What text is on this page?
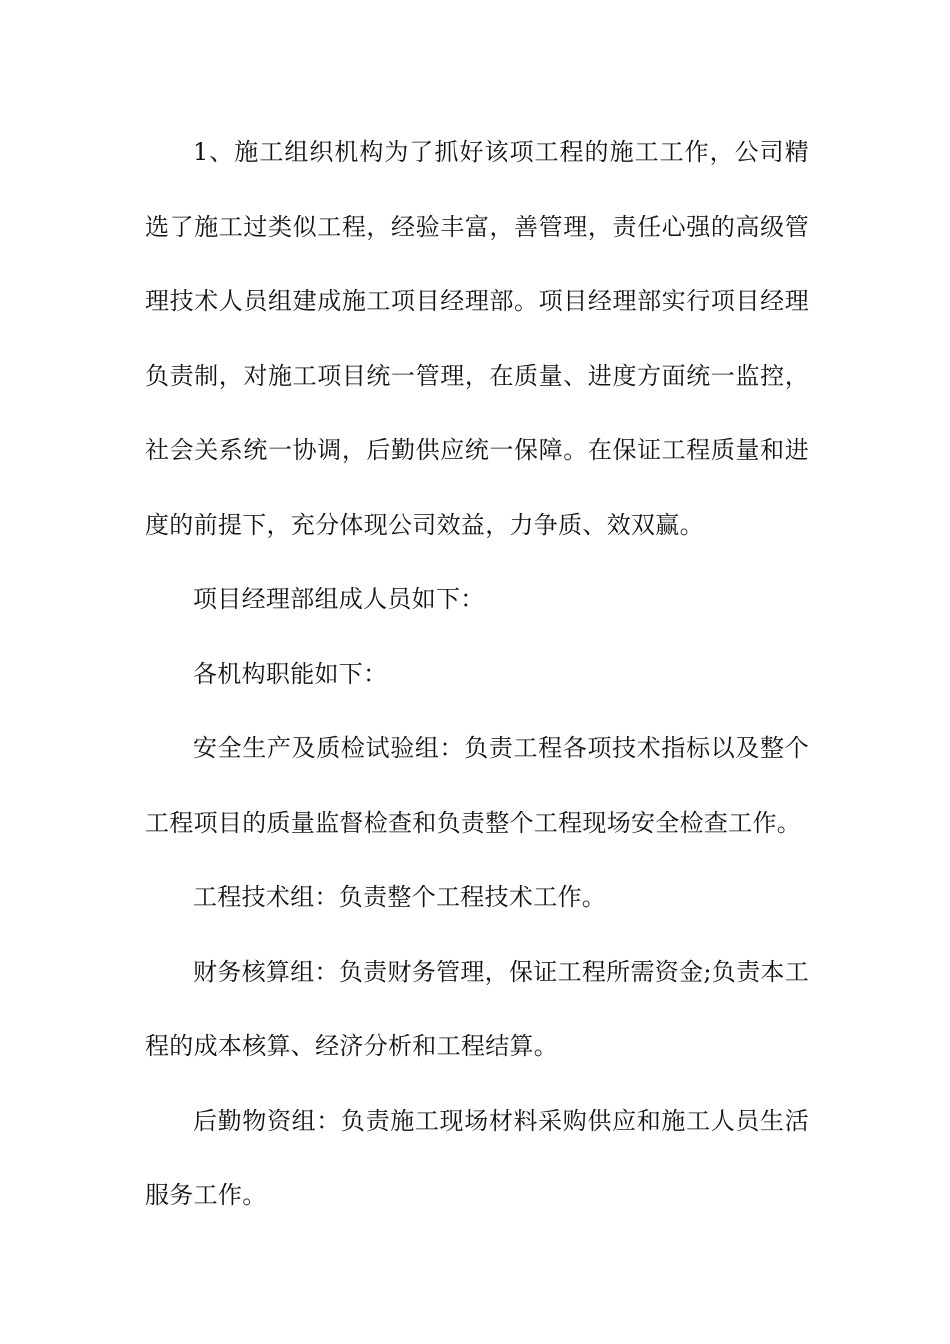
1、施工组织机构为了抓好该项工程的施工工作，公司精选了施工过类似工程，经验丰富，善管理，责任心强的高级管理技术人员组建成施工项目经理部。项目经理部实行项目经理负责制，对施工项目统一管理，在质量、进度方面统一监控，社会关系统一协调，后勤供应统一保障。在保证工程质量和进度的前提下，充分体现公司效益，力争质、效双赢。

项目经理部组成人员如下：

各机构职能如下：

安全生产及质检试验组：负责工程各项技术指标以及整个工程项目的质量监督检查和负责整个工程现场安全检查工作。

工程技术组：负责整个工程技术工作。

财务核算组：负责财务管理，保证工程所需资金;负责本工程的成本核算、经济分析和工程结算。

后勤物资组：负责施工现场材料采购供应和施工人员生活服务工作。
